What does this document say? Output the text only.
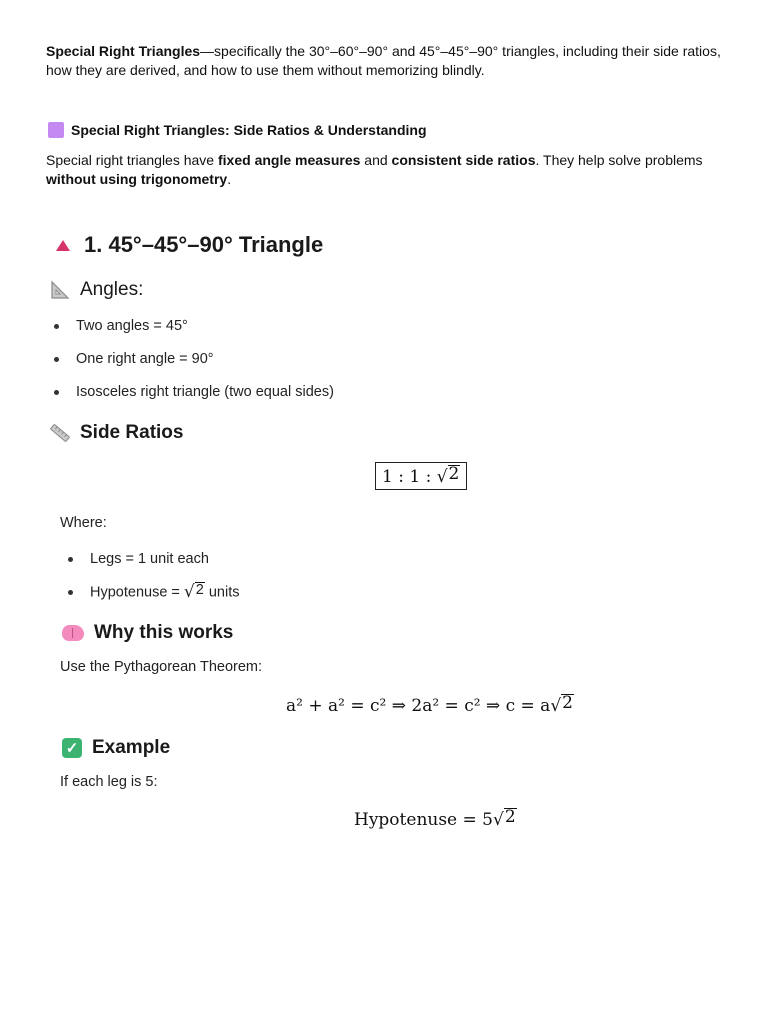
Special Right Triangles—specifically the 30°–60°–90° and 45°–45°–90° triangles, including their side ratios, how they are derived, and how to use them without memorizing blindly.
Special Right Triangles: Side Ratios & Understanding
Special right triangles have fixed angle measures and consistent side ratios. They help solve problems without using trigonometry.
1. 45°–45°–90° Triangle
Angles:
Two angles = 45°
One right angle = 90°
Isosceles right triangle (two equal sides)
Side Ratios
1 : 1 : √ 2
Where:
Legs = 1 unit each
Hypotenuse = √ 2 units
Why this works
Use the Pythagorean Theorem:
a² + a² = c² ⇒ 2a² = c² ⇒ c = a √ 2
✓ Example
If each leg is 5:
Hypotenuse = 5 √ 2
